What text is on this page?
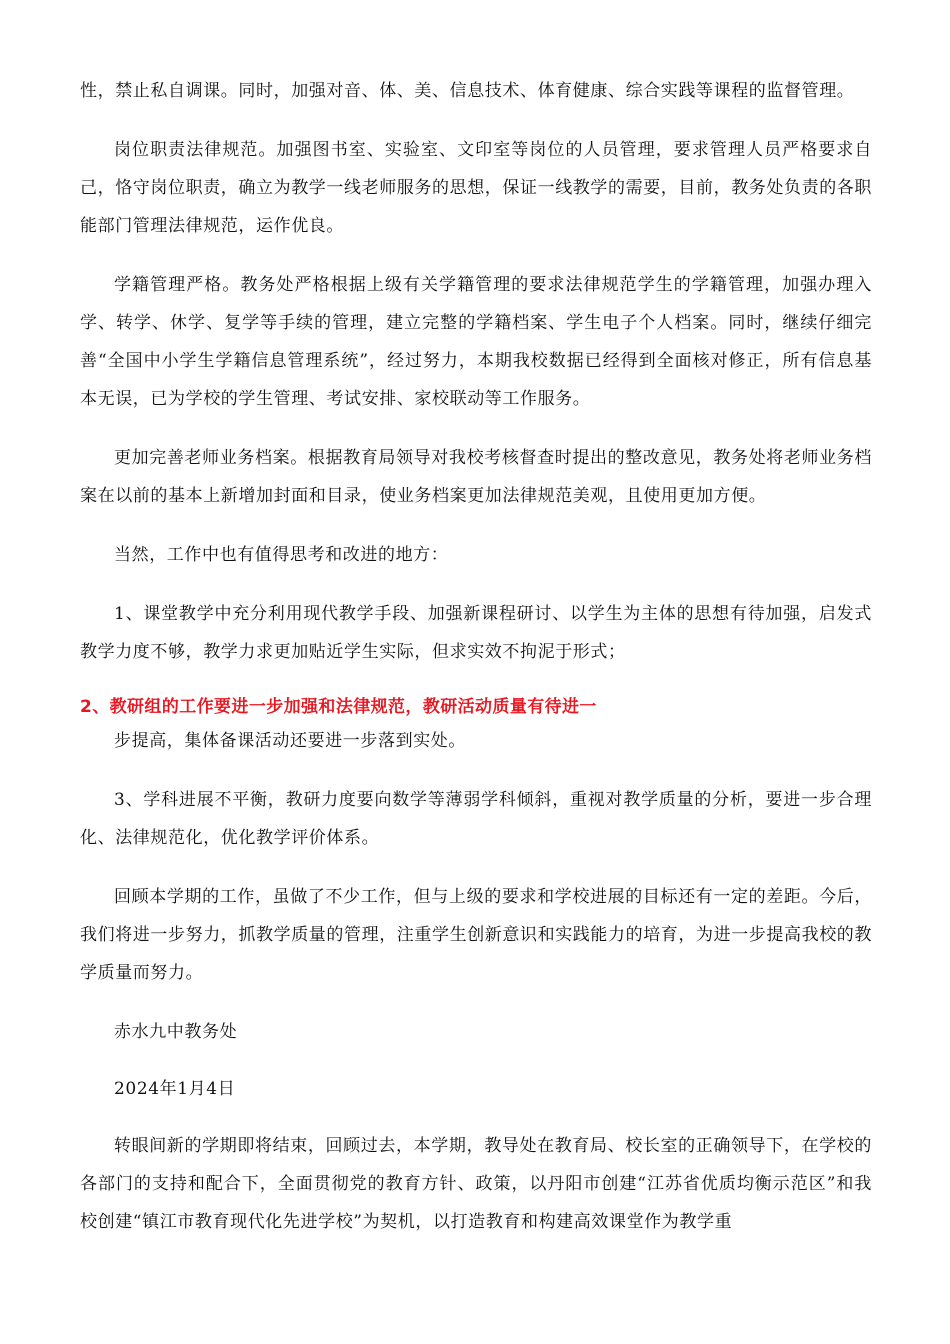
性，禁止私自调课。同时，加强对音、体、美、信息技术、体育健康、综合实践等课程的监督管理。

岗位职责法律规范。加强图书室、实验室、文印室等岗位的人员管理，要求管理人员严格要求自己，恪守岗位职责，确立为教学一线老师服务的思想，保证一线教学的需要，目前，教务处负责的各职能部门管理法律规范，运作优良。

学籍管理严格。教务处严格根据上级有关学籍管理的要求法律规范学生的学籍管理，加强办理入学、转学、休学、复学等手续的管理，建立完整的学籍档案、学生电子个人档案。同时，继续仔细完善“全国中小学生学籍信息管理系统”，经过努力，本期我校数据已经得到全面核对修正，所有信息基本无误，已为学校的学生管理、考试安排、家校联动等工作服务。

更加完善老师业务档案。根据教育局领导对我校考核督查时提出的整改意见，教务处将老师业务档案在以前的基本上新增加封面和目录，使业务档案更加法律规范美观，且使用更加方便。

当然，工作中也有值得思考和改进的地方：

1、课堂教学中充分利用现代教学手段、加强新课程研讨、以学生为主体的思想有待加强，启发式教学力度不够，教学力求更加贴近学生实际，但求实效不拘泥于形式；

2、教研组的工作要进一步加强和法律规范，教研活动质量有待进一

步提高，集体备课活动还要进一步落到实处。

3、学科进展不平衡，教研力度要向数学等薄弱学科倾斜，重视对教学质量的分析，要进一步合理化、法律规范化，优化教学评价体系。

回顾本学期的工作，虽做了不少工作，但与上级的要求和学校进展的目标还有一定的差距。今后，我们将进一步努力，抓教学质量的管理，注重学生创新意识和实践能力的培育，为进一步提高我校的教学质量而努力。

赤水九中教务处

2024年1月4日

转眼间新的学期即将结束，回顾过去，本学期，教导处在教育局、校长室的正确领导下，在学校的各部门的支持和配合下，全面贯彻党的教育方针、政策，以丹阳市创建“江苏省优质均衡示范区”和我校创建“镇江市教育现代化先进学校”为契机，以打造教育和构建高效课堂作为教学重
